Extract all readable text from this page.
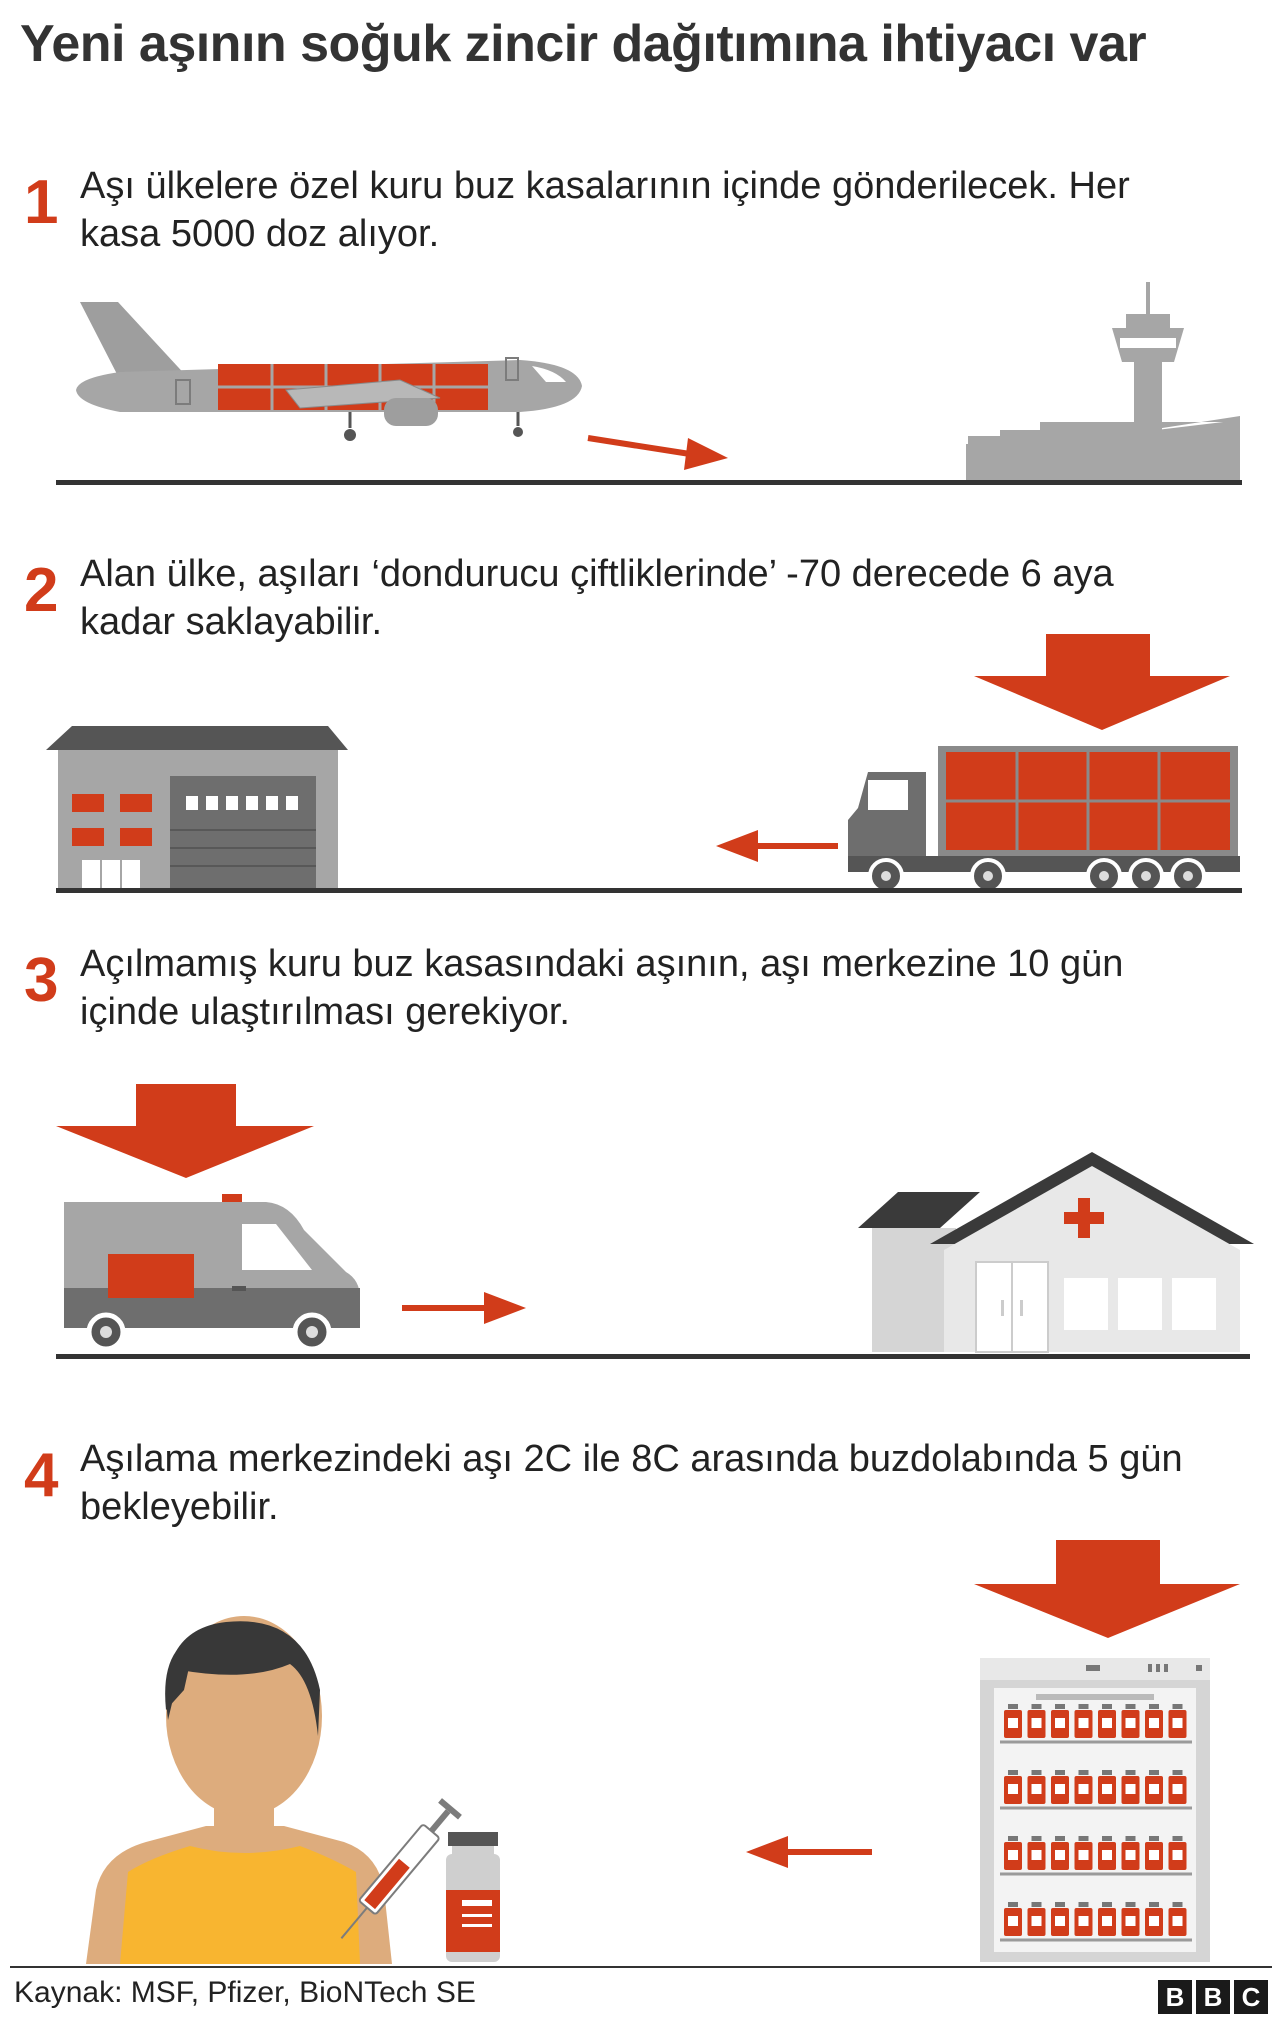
Yeni aşının soğuk zincir dağıtımına ihtiyacı var
1 Aşı ülkelere özel kuru buz kasalarının içinde gönderilecek. Her
kasa 5000 doz alıyor.
2 Alan ülke, aşıları ‘dondurucu çiftliklerinde’ -70 derecede 6 aya
kadar saklayabilir.
3 Açılmamış kuru buz kasasındaki aşının, aşı merkezine 10 gün
içinde ulaştırılması gerekiyor.
4 Aşılama merkezindeki aşı 2C ile 8C arasında buzdolabında 5 gün
bekleyebilir.
Kaynak: MSF, Pfizer, BioNTech SE	B B C
